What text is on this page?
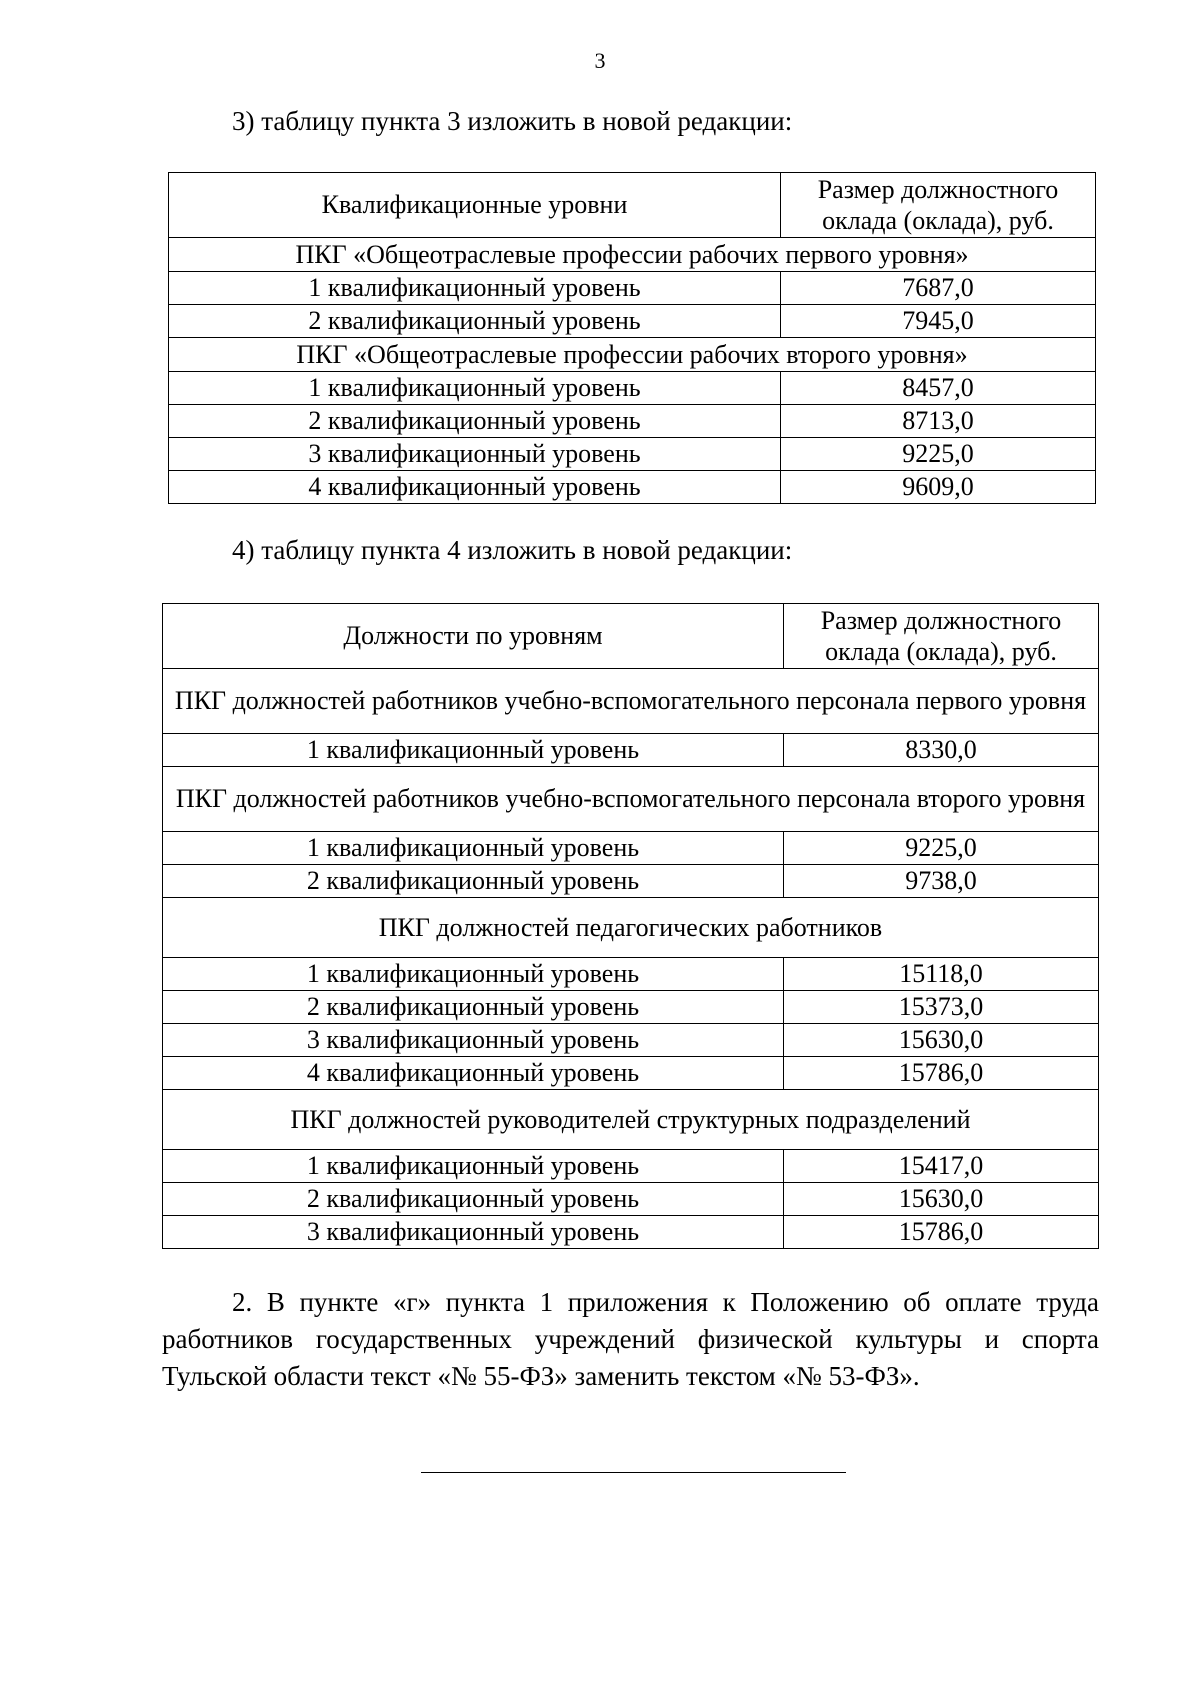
3
3) таблицу пункта 3 изложить в новой редакции:
Квалификационные уровни	Размер должностного оклада (оклада), руб.
ПКГ «Общеотраслевые профессии рабочих первого уровня»	
1 квалификационный уровень	7687,0
2 квалификационный уровень	7945,0
ПКГ «Общеотраслевые профессии рабочих второго уровня»	
1 квалификационный уровень	8457,0
2 квалификационный уровень	8713,0
3 квалификационный уровень	9225,0
4 квалификационный уровень	9609,0
4) таблицу пункта 4 изложить в новой редакции:
Должности по уровням	Размер должностного оклада (оклада), руб.
ПКГ должностей работников учебно-вспомогательного персонала первого уровня	
1 квалификационный уровень	8330,0
ПКГ должностей работников учебно-вспомогательного персонала второго уровня	
1 квалификационный уровень	9225,0
2 квалификационный уровень	9738,0
ПКГ должностей педагогических работников	
1 квалификационный уровень	15118,0
2 квалификационный уровень	15373,0
3 квалификационный уровень	15630,0
4 квалификационный уровень	15786,0
ПКГ должностей руководителей структурных подразделений	
1 квалификационный уровень	15417,0
2 квалификационный уровень	15630,0
3 квалификационный уровень	15786,0
2. В пункте «г» пункта 1 приложения к Положению об оплате труда работников государственных учреждений физической культуры и спорта Тульской области текст «№ 55-ФЗ» заменить текстом «№ 53-ФЗ».
